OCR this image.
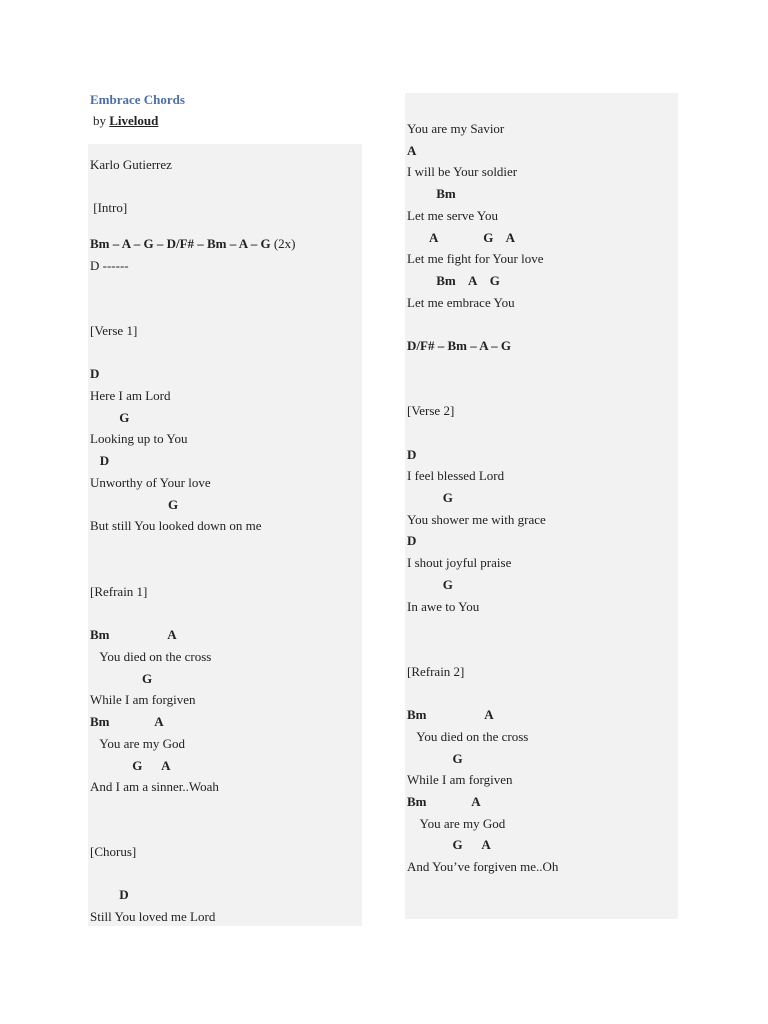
Embrace Chords
by Liveloud
Karlo Gutierrez
[Intro]
Bm – A – G – D/F# – Bm – A – G (2x)
D ------
[Verse 1]
D
Here I am Lord
G
Looking up to You
D
Unworthy of Your love
G
But still You looked down on me
[Refrain 1]
Bm                  A
You died on the cross
G
While I am forgiven
Bm              A
You are my God
G      A
And I am a sinner..Woah
[Chorus]
D
Still You loved me Lord
You are my Savior
A
I will be Your soldier
Bm
Let me serve You
A              G    A
Let me fight for Your love
Bm    A    G
Let me embrace You
D/F# – Bm – A – G
[Verse 2]
D
I feel blessed Lord
G
You shower me with grace
D
I shout joyful praise
G
In awe to You
[Refrain 2]
Bm                  A
You died on the cross
G
While I am forgiven
Bm              A
You are my God
G      A
And You’ve forgiven me..Oh
